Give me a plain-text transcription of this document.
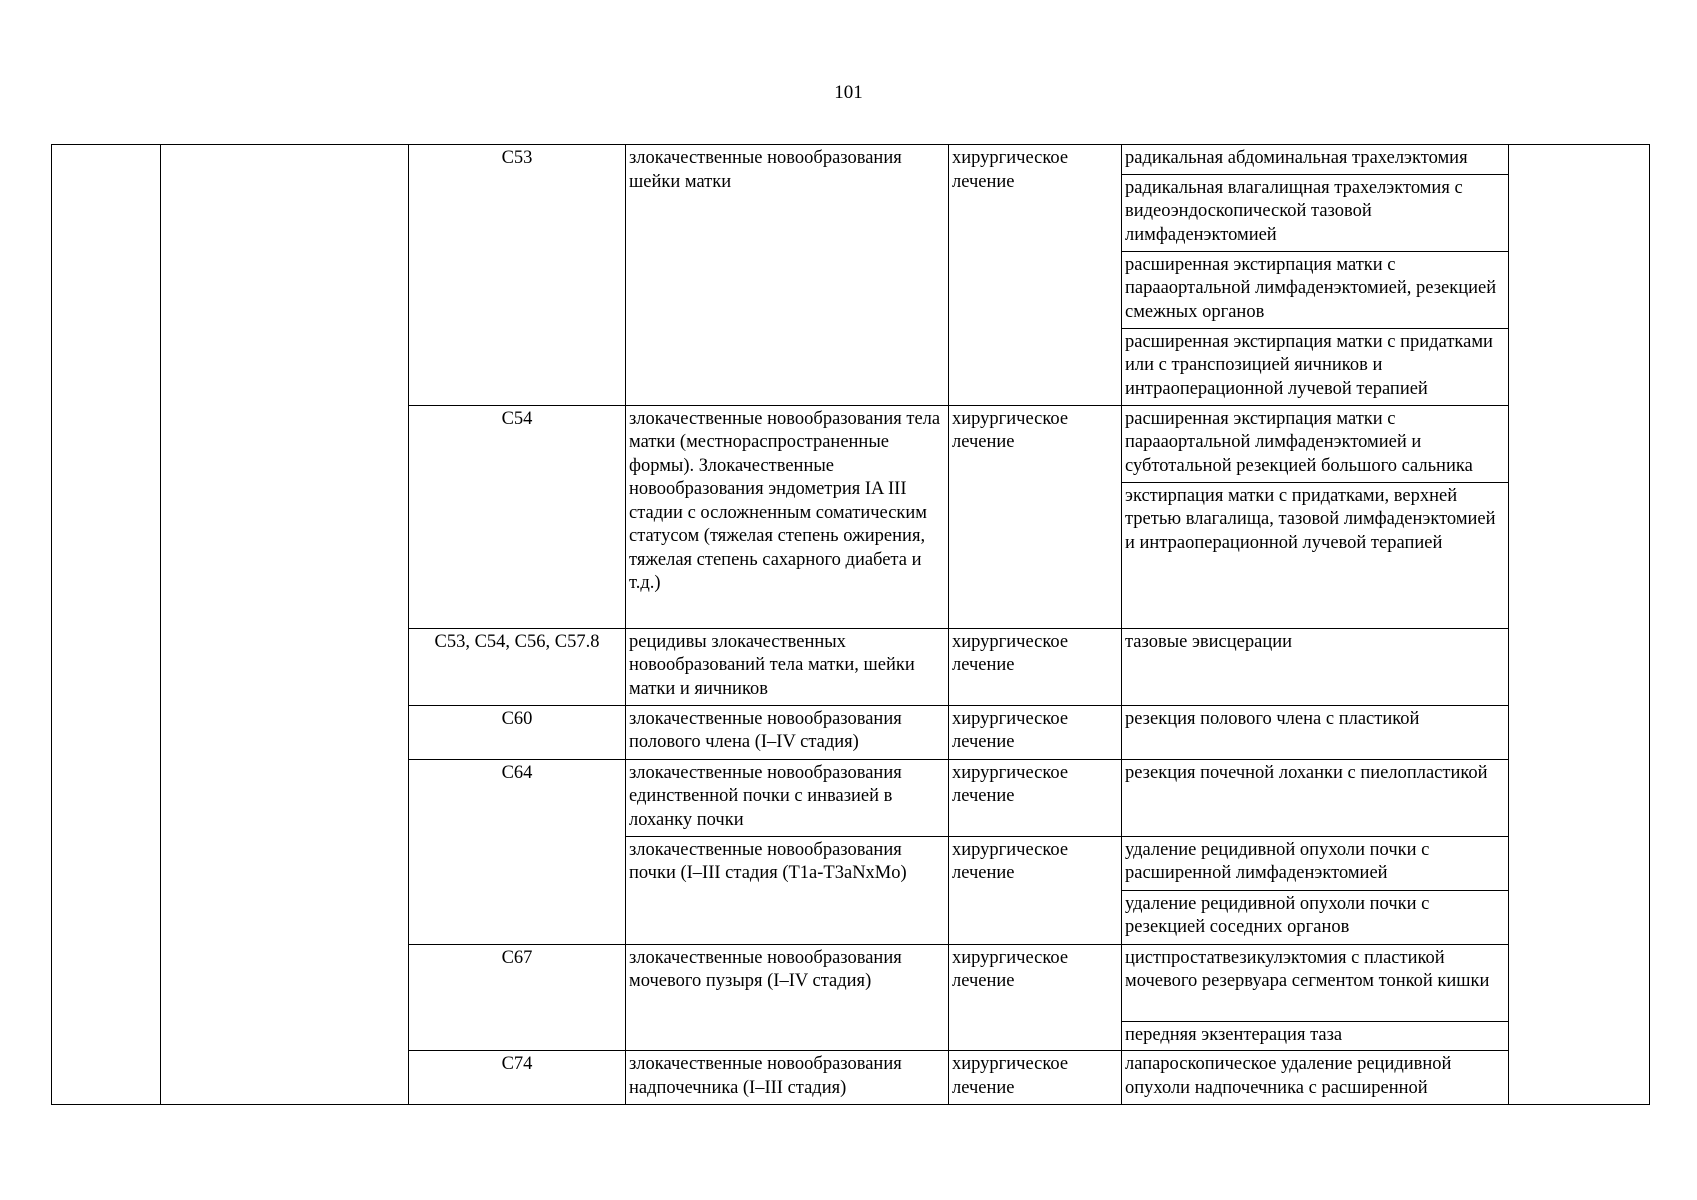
101
		C53	злокачественные новообразования шейки матки	хирургическое лечение	радикальная абдоминальная трахелэктомия	
					радикальная влагалищная трахелэктомия с видеоэндоскопической тазовой лимфаденэктомией	
					расширенная экстирпация матки с парааортальной лимфаденэктомией, резекцией смежных органов	
					расширенная экстирпация матки с придатками или с транспозицией яичников и интраоперационной лучевой терапией	
		C54	злокачественные новообразования тела матки (местнораспространенные формы). Злокачественные новообразования эндометрия IA III стадии с осложненным соматическим статусом (тяжелая степень ожирения, тяжелая степень сахарного диабета и т.д.)	хирургическое лечение	расширенная экстирпация матки с парааортальной лимфаденэктомией и субтотальной резекцией большого сальника	
					экстирпация матки с придатками, верхней третью влагалища, тазовой лимфаденэктомией и интраоперационной лучевой терапией	
		C53, C54, C56, C57.8	рецидивы злокачественных новообразований тела матки, шейки матки и яичников	хирургическое лечение	тазовые эвисцерации	
		C60	злокачественные новообразования полового члена (I–IV стадия)	хирургическое лечение	резекция полового члена с пластикой	
		C64	злокачественные новообразования единственной почки с инвазией в лоханку почки	хирургическое лечение	резекция почечной лоханки с пиелопластикой	
			злокачественные новообразования почки (I–III стадия (T1a-T3aNxMo)	хирургическое лечение	удаление рецидивной опухоли почки с расширенной лимфаденэктомией	
					удаление рецидивной опухоли почки с резекцией соседних органов	
		C67	злокачественные новообразования мочевого пузыря (I–IV стадия)	хирургическое лечение	цистпростатвезикулэктомия с пластикой мочевого резервуара сегментом тонкой кишки	
					передняя экзентерация таза	
		C74	злокачественные новообразования надпочечника (I–III стадия)	хирургическое лечение	лапароскопическое удаление рецидивной опухоли надпочечника с расширенной	
